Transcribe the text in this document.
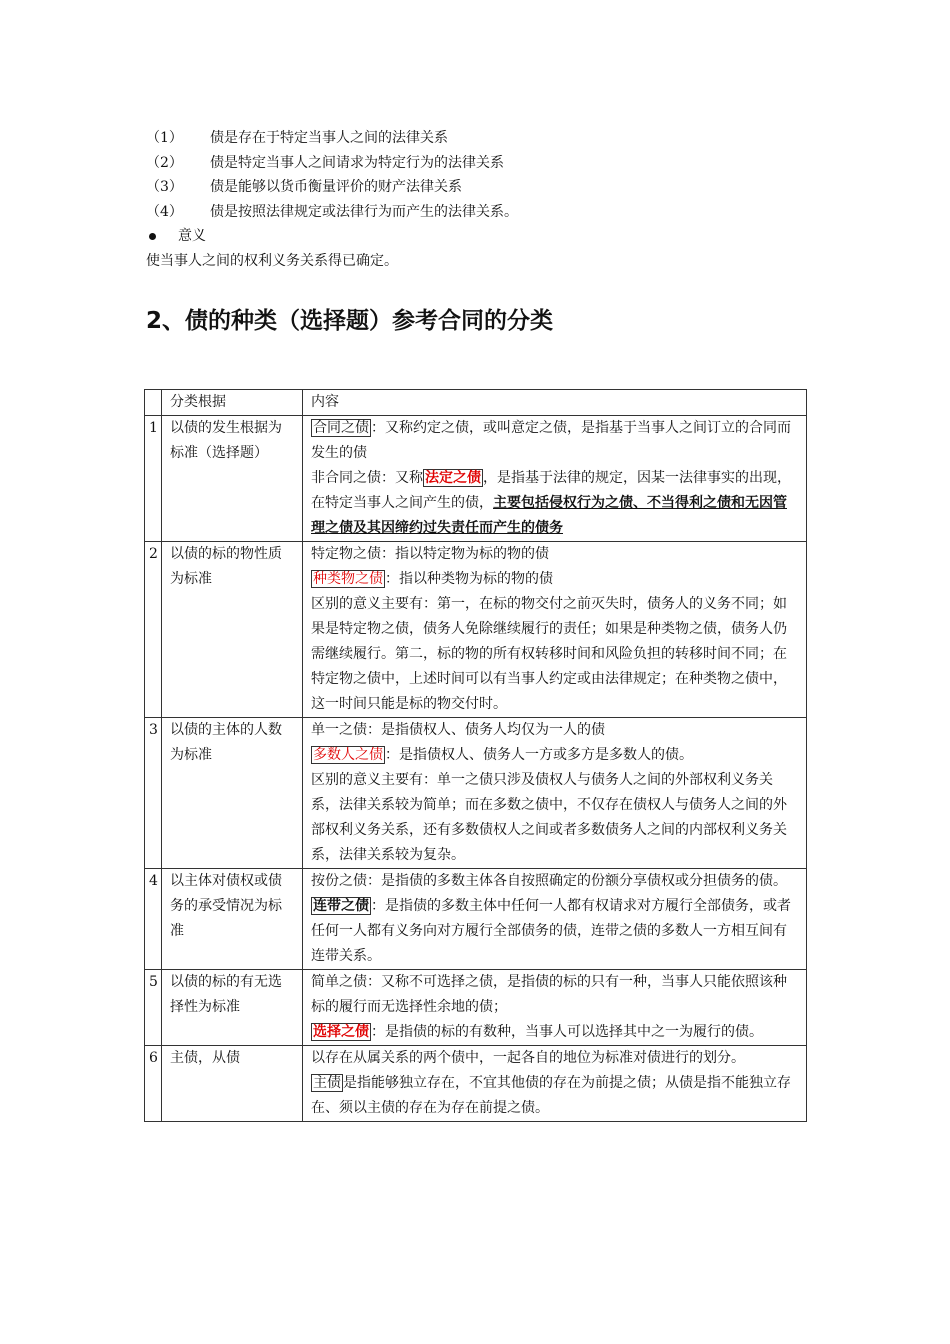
（1）	债是存在于特定当事人之间的法律关系
（2）	债是特定当事人之间请求为特定行为的法律关系
（3）	债是能够以货币衡量评价的财产法律关系
（4）	债是按照法律规定或法律行为而产生的法律关系。
意义
使当事人之间的权利义务关系得已确定。
2、债的种类（选择题）参考合同的分类
	分类根据	内容
1	以债的发生根据为标准（选择题）	合同之债 ：又称约定之债，或叫意定之债，是指基于当事人之间订立的合同而发生的债
非合同之债：又称 法定之债 ，是指基于法律的规定，因某一法律事实的出现，在特定当事人之间产生的债，主要包括侵权行为之债、不当得利之债和无因管理之债及其因缔约过失责任而产生的债务

2	以债的标的物性质为标准	特定物之债：指以特定物为标的物的债
种类物之债 ：指以种类物为标的物的债
区别的意义主要有：第一，在标的物交付之前灭失时，债务人的义务不同；如果是特定物之债，债务人免除继续履行的责任；如果是种类物之债，债务人仍需继续履行。第二，标的物的所有权转移时间和风险负担的转移时间不同；在特定物之债中，上述时间可以有当事人约定或由法律规定；在种类物之债中，这一时间只能是标的物交付时。

3	以债的主体的人数为标准	单一之债：是指债权人、债务人均仅为一人的债
多数人之债 ：是指债权人、债务人一方或多方是多数人的债。
区别的意义主要有：单一之债只涉及债权人与债务人之间的外部权利义务关系，法律关系较为简单；而在多数之债中，不仅存在债权人与债务人之间的外部权利义务关系，还有多数债权人之间或者多数债务人之间的内部权利义务关系，法律关系较为复杂。

4	以主体对债权或债务的承受情况为标准	按份之债：是指债的多数主体各自按照确定的份额分享债权或分担债务的债。
连带之债 ：是指债的多数主体中任何一人都有权请求对方履行全部债务，或者任何一人都有义务向对方履行全部债务的债，连带之债的多数人一方相互间有连带关系。

5	以债的标的有无选择性为标准	简单之债：又称不可选择之债，是指债的标的只有一种，当事人只能依照该种标的履行而无选择性余地的债；
选择之债 ：是指债的标的有数种，当事人可以选择其中之一为履行的债。

6	主债，从债	以存在从属关系的两个债中，一起各自的地位为标准对债进行的划分。
主债 是指能够独立存在，不宜其他债的存在为前提之债；从债是指不能独立存在、须以主债的存在为存在前提之债。
